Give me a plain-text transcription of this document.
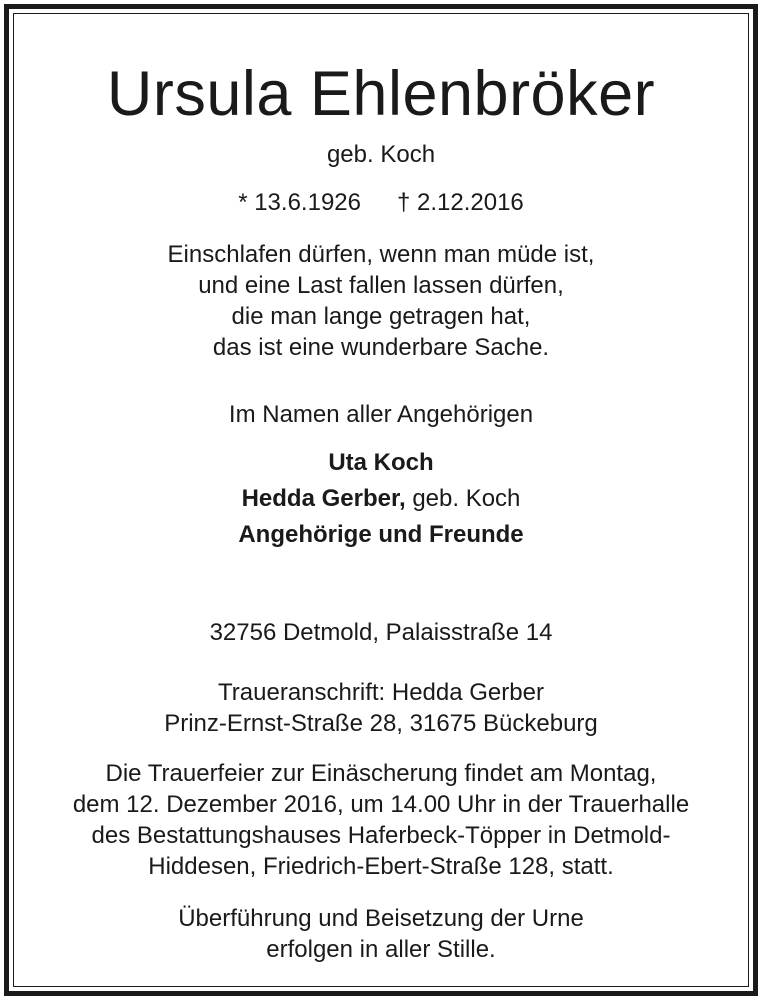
Ursula Ehlenbröker
geb. Koch
* 13.6.1926 † 2.12.2016
Einschlafen dürfen, wenn man müde ist,
und eine Last fallen lassen dürfen,
die man lange getragen hat,
das ist eine wunderbare Sache.
Im Namen aller Angehörigen
Uta Koch
Hedda Gerber, geb. Koch
Angehörige und Freunde
32756 Detmold, Palaisstraße 14
Traueranschrift: Hedda Gerber
Prinz-Ernst-Straße 28, 31675 Bückeburg
Die Trauerfeier zur Einäscherung findet am Montag,
dem 12. Dezember 2016, um 14.00 Uhr in der Trauerhalle
des Bestattungshauses Haferbeck-Töpper in Detmold-
Hiddesen, Friedrich-Ebert-Straße 128, statt.
Überführung und Beisetzung der Urne
erfolgen in aller Stille.
